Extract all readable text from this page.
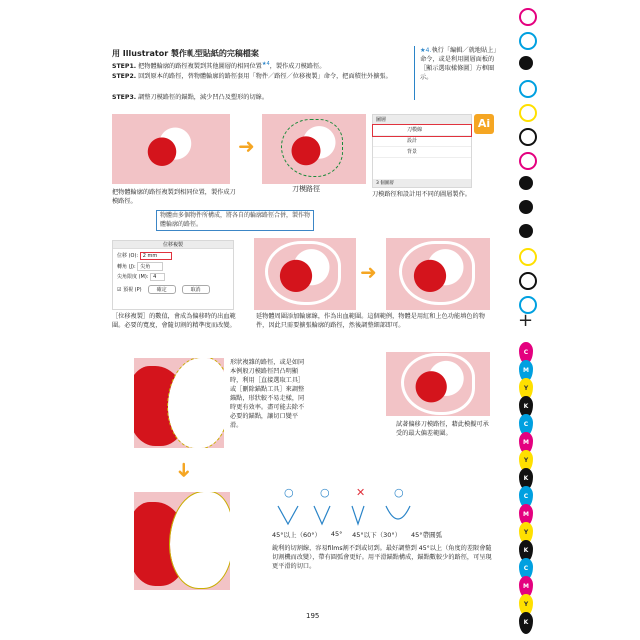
用 Illustrator 製作軋型貼紙的完稿檔案
STEP1. 把物體輪廓的路徑複製到其他圖層的相同位置$^{★4}$，製作成刀模路徑。
STEP2. 回到原本的路徑，替物體輪廓的路徑套用「物件／路徑／位移複製」命令，把面積往外擴張。
STEP3. 調整刀模路徑的錨點，減少凹凸及塑形的切線。
★4.執行「編輯／就地貼上」命令，或是利用圖層面板的［顯示選取樣條圖］方框圈示。
Ai
➜
圖層
刀模線
設計
背景
3 個圖層
把物體輪廓的路徑複製到相同位置，製作成刀模路徑。
刀模路徑
刀模路徑和設計用不同的圖層製作。
物體由多個物件所構成，將各自的輪廓路徑合併，製作物體輪廓的路徑。
位移複製
位移 (O): 2 mm
轉角 (J): 尖角
尖角限度 (M): 4
☑ 預視 (P)	確定	取消
➜
［位移複製］的數值，會成為偏移時的出血範圍。必要的寬度，會隨切割的精準度而改變。
延物體周圍添加輪廓線，作為出血範圍。這個範例，物體是用紅和上色功能填色的物件，因此只需要擴張輪廓的路徑，然後調整細部即可。
形狀複雜的路徑，或是如同本例般刀模路徑凹凸明顯時，利用［直接選取工具］或［刪除錨點工具］來調整錨點，形狀較不易走樣，同時更有效率。盡可能去除不必要的錨點，讓切口變平滑。	試著偏移刀模路徑，藉此模擬可承受的最大偏差範圍。
➜
○ ○ ✕	○
45°以上（60°） 45° 45°以下（30°） 45°帶圓弧
銳利的切割線，容易films割不到或切到。最好調整到 45°以上（角度的差限會隨切割機而改變），帶有圓弧會更好。用平滑錨點構成，錨點數較少的路徑，可呈現更平滑的切口。
195
+
C
M
Y
K
C
M
Y
K
C
M
Y
K
C
M
Y
K
